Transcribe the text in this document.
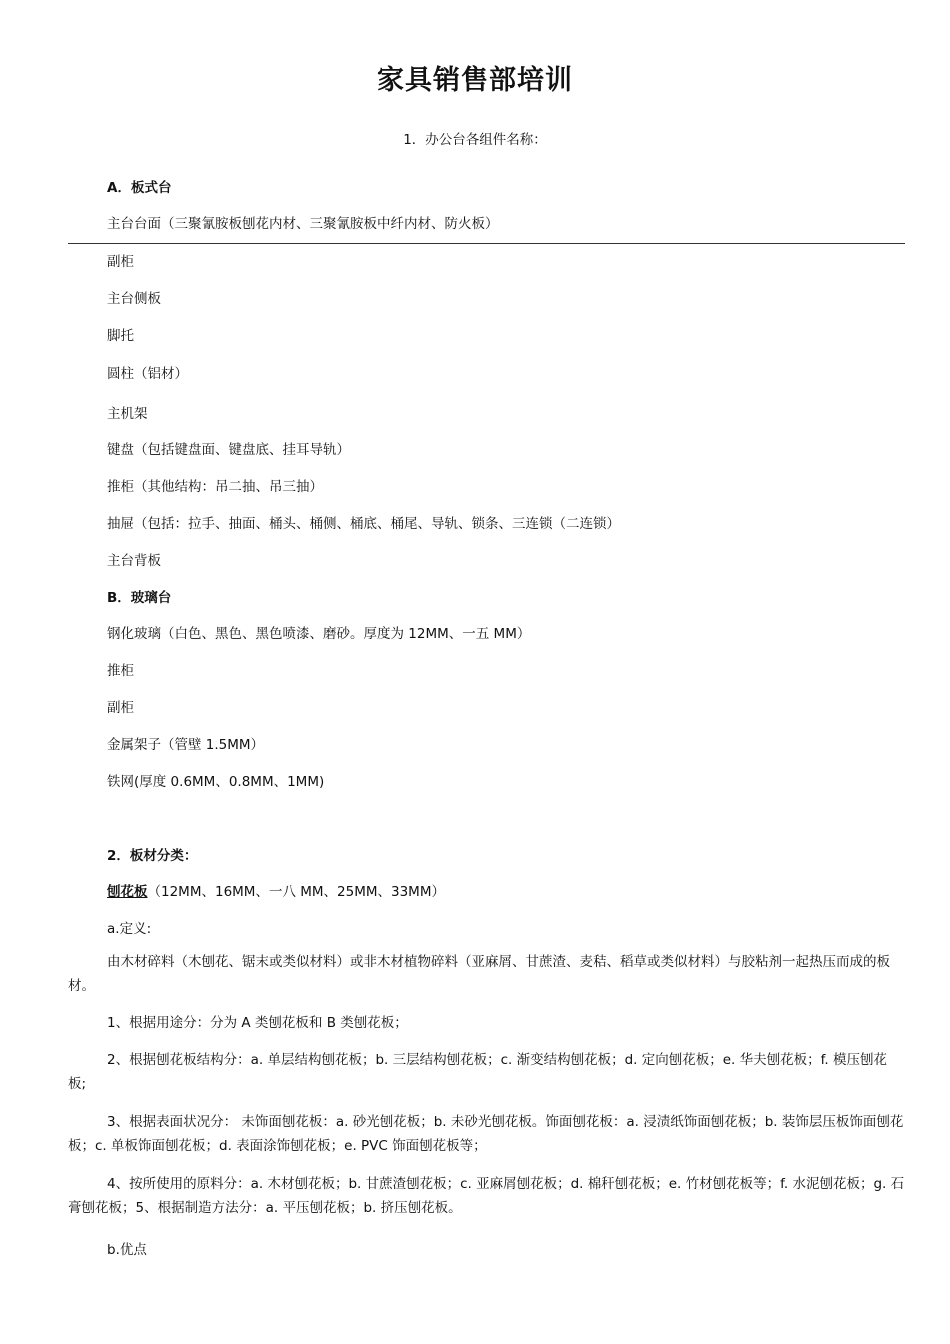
家具销售部培训
1．办公台各组件名称：
A．板式台
主台台面（三聚氰胺板刨花内材、三聚氰胺板中纤内材、防火板）
副柜
主台侧板
脚托
圆柱（铝材）
主机架
键盘（包括键盘面、键盘底、挂耳导轨）
推柜（其他结构：吊二抽、吊三抽）
抽屉（包括：拉手、抽面、桶头、桶侧、桶底、桶尾、导轨、锁条、三连锁（二连锁）
主台背板
B．玻璃台
钢化玻璃（白色、黑色、黑色喷漆、磨砂。厚度为 12MM、一五 MM）
推柜
副柜
金属架子（管壁 1.5MM）
铁网(厚度 0.6MM、0.8MM、1MM)
2．板材分类：
刨花板（12MM、16MM、一八 MM、25MM、33MM）
a.定义:
由木材碎料（木刨花、锯末或类似材料）或非木材植物碎料（亚麻屑、甘蔗渣、麦秸、稻草或类似材料）与胶粘剂一起热压而成的板材。
1、根据用途分：分为 A 类刨花板和 B 类刨花板；
2、根据刨花板结构分：a. 单层结构刨花板；b. 三层结构刨花板；c. 渐变结构刨花板；d. 定向刨花板；e. 华夫刨花板；f. 模压刨花板;
3、根据表面状况分： 未饰面刨花板：a. 砂光刨花板；b. 未砂光刨花板。饰面刨花板：a. 浸渍纸饰面刨花板；b. 装饰层压板饰面刨花板；c. 单板饰面刨花板；d. 表面涂饰刨花板；e. PVC 饰面刨花板等；
4、按所使用的原料分：a. 木材刨花板；b. 甘蔗渣刨花板；c. 亚麻屑刨花板；d. 棉秆刨花板；e. 竹材刨花板等；f. 水泥刨花板；g. 石膏刨花板；5、根据制造方法分：a. 平压刨花板；b. 挤压刨花板。
b.优点
